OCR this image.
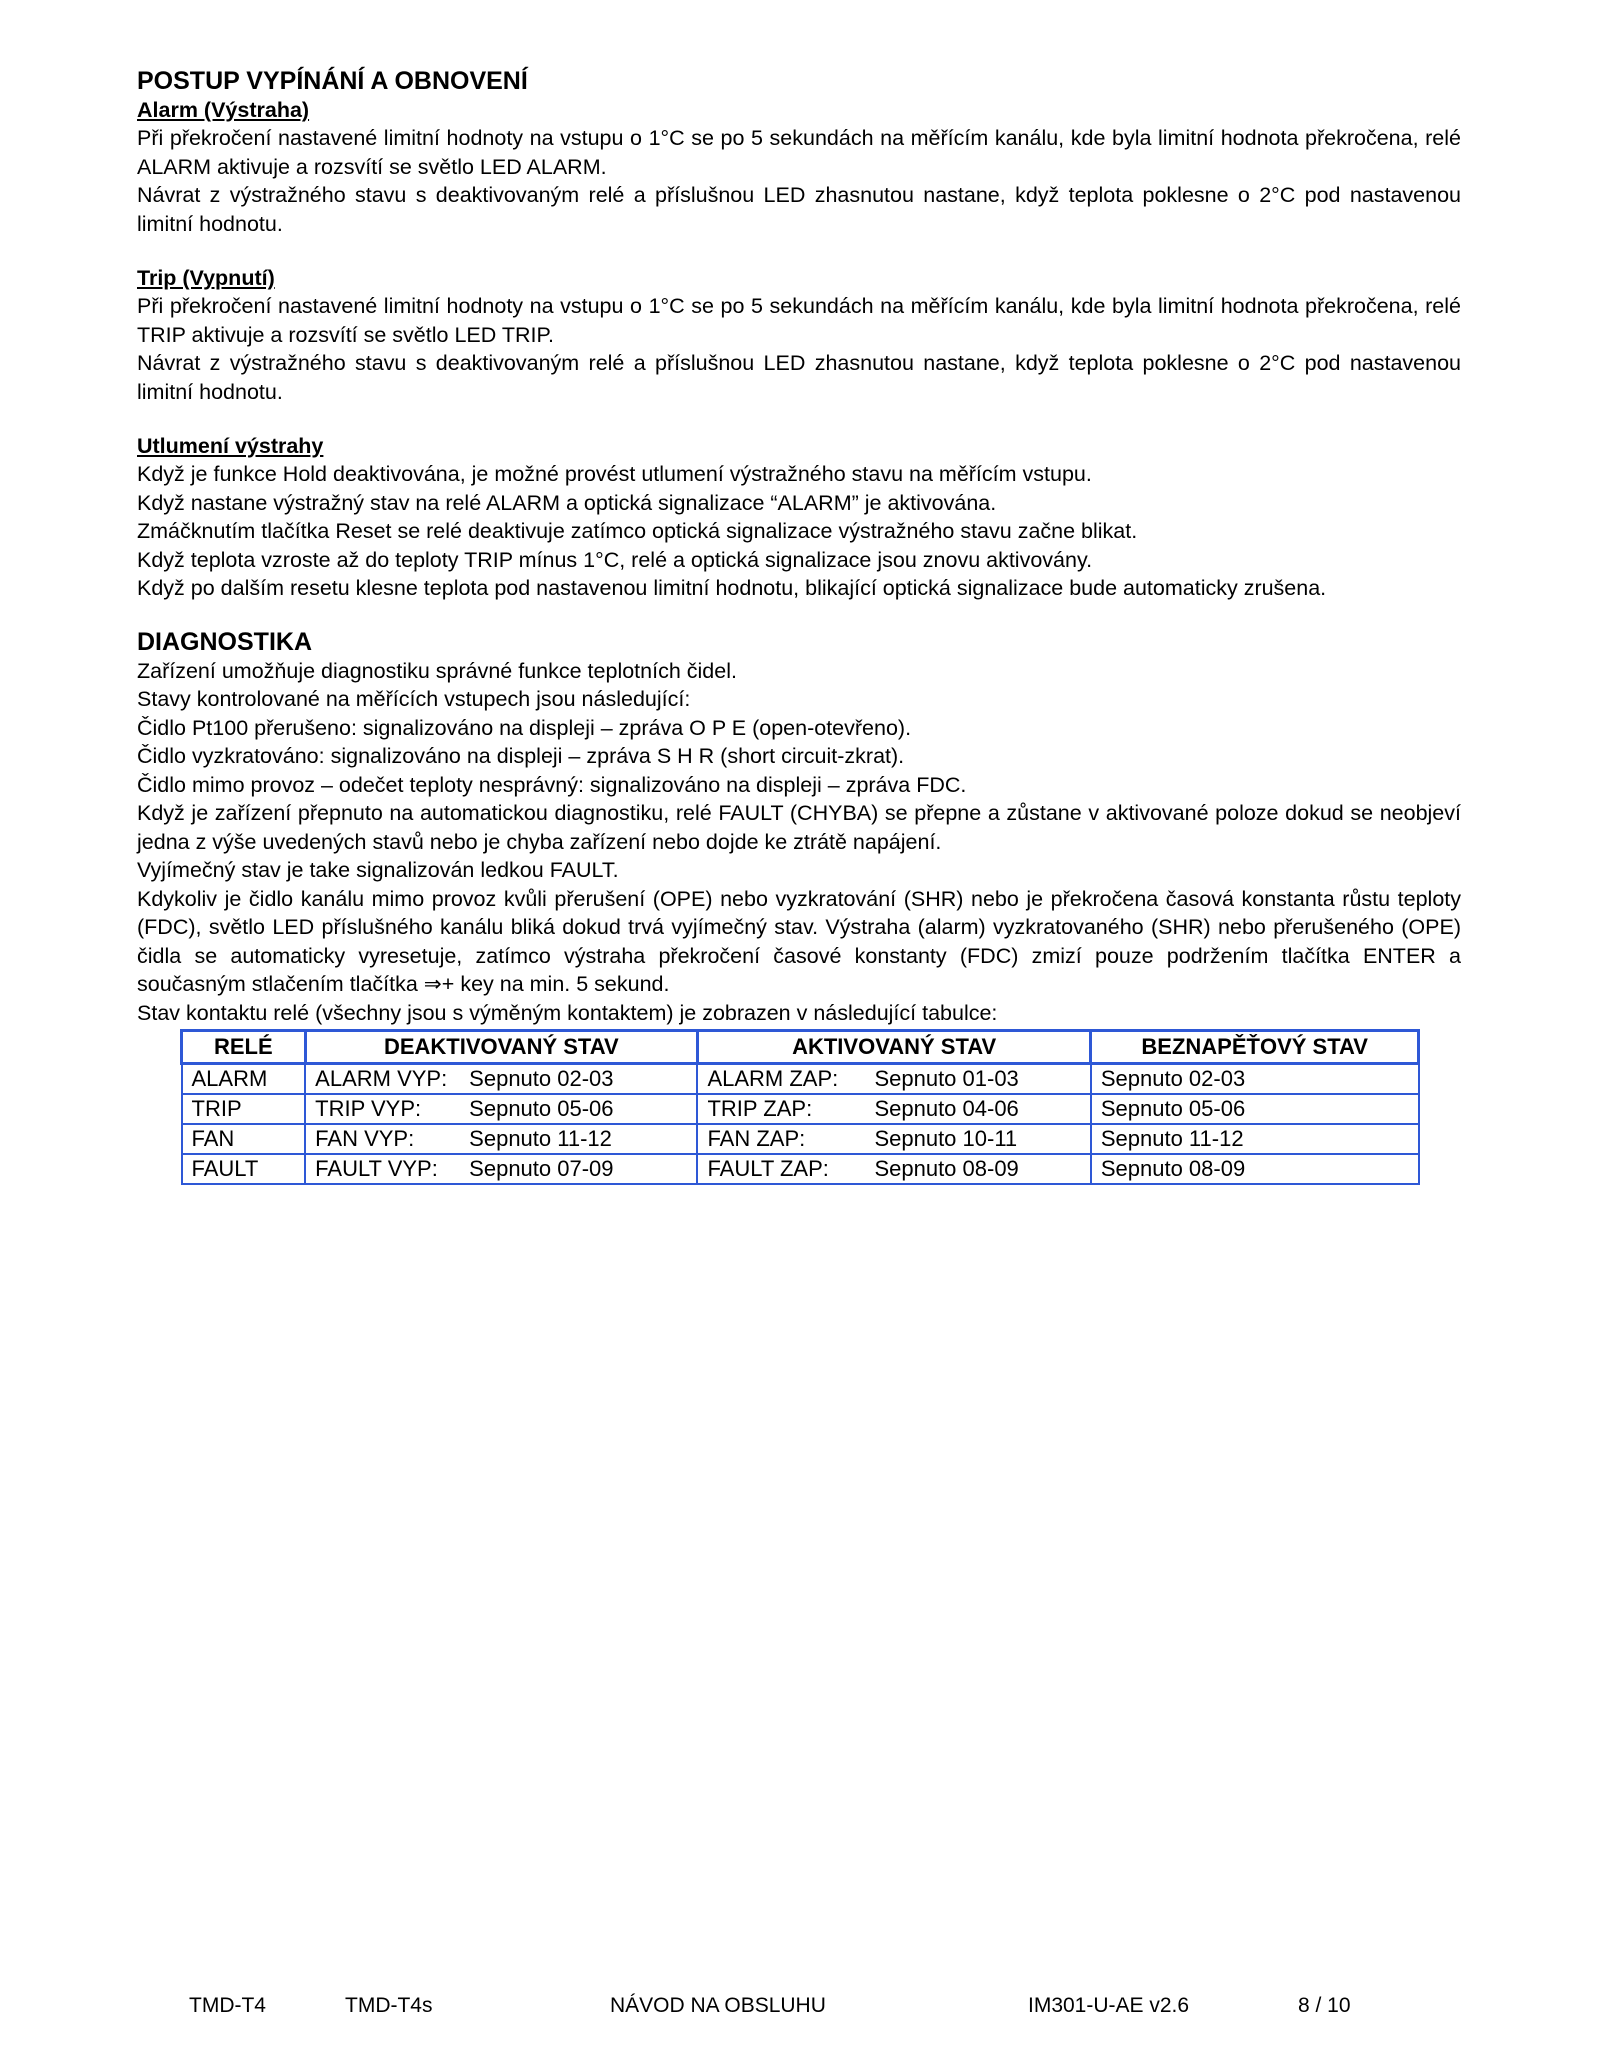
POSTUP VYPÍNÁNÍ A OBNOVENÍ
Alarm (Výstraha)

Při překročení nastavené limitní hodnoty na vstupu o 1°C se po 5 sekundách na měřícím kanálu, kde byla limitní hodnota překročena, relé ALARM aktivuje a rozsvítí se světlo LED ALARM.

Návrat z výstražného stavu s deaktivovaným relé a příslušnou LED zhasnutou nastane, když teplota poklesne o 2°C pod nastavenou limitní hodnotu.

Trip (Vypnutí)

Při překročení nastavené limitní hodnoty na vstupu o 1°C se po 5 sekundách na měřícím kanálu, kde byla limitní hodnota překročena, relé TRIP aktivuje a rozsvítí se světlo LED TRIP.

Návrat z výstražného stavu s deaktivovaným relé a příslušnou LED zhasnutou nastane, když teplota poklesne o 2°C pod nastavenou limitní hodnotu.

Utlumení výstrahy

Když je funkce Hold deaktivována, je možné provést utlumení výstražného stavu na měřícím vstupu.

Když nastane výstražný stav na relé ALARM a optická signalizace “ALARM” je aktivována.

Zmáčknutím tlačítka Reset se relé deaktivuje zatímco optická signalizace výstražného stavu začne blikat.

Když teplota vzroste až do teploty TRIP mínus 1°C, relé a optická signalizace jsou znovu aktivovány.

Když po dalším resetu klesne teplota pod nastavenou limitní hodnotu, blikající optická signalizace bude automaticky zrušena.

DIAGNOSTIKA

Zařízení umožňuje diagnostiku správné funkce teplotních čidel.

Stavy kontrolované na měřících vstupech jsou následující:

Čidlo Pt100 přerušeno: signalizováno na displeji – zpráva O P E (open-otevřeno).

Čidlo vyzkratováno: signalizováno na displeji – zpráva S H R (short circuit-zkrat).

Čidlo mimo provoz – odečet teploty nesprávný: signalizováno na displeji – zpráva FDC.

Když je zařízení přepnuto na automatickou diagnostiku, relé FAULT (CHYBA) se přepne a zůstane v aktivované poloze dokud se neobjeví jedna z výše uvedených stavů nebo je chyba zařízení nebo dojde ke ztrátě napájení.

Vyjímečný stav je take signalizován ledkou FAULT.

Kdykoliv je čidlo kanálu mimo provoz kvůli přerušení (OPE) nebo vyzkratování (SHR) nebo je překročena časová konstanta růstu teploty (FDC), světlo LED příslušného kanálu bliká dokud trvá vyjímečný stav. Výstraha (alarm) vyzkratovaného (SHR) nebo přerušeného (OPE) čidla se automaticky vyresetuje, zatímco výstraha překročení časové konstanty (FDC) zmizí pouze podržením tlačítka ENTER a současným stlačením tlačítka ⇒+ key na min. 5 sekund.

Stav kontaktu relé (všechny jsou s výměným kontaktem) je zobrazen v následující tabulce:

RELÉ	DEAKTIVOVANÝ STAV	AKTIVOVANÝ STAV	BEZNAPĚŤOVÝ STAV
ALARM	ALARM VYP: Sepnuto 02-03	ALARM ZAP: Sepnuto 01-03	Sepnuto 02-03
TRIP	TRIP VYP: Sepnuto 05-06	TRIP ZAP: Sepnuto 04-06	Sepnuto 05-06
FAN	FAN VYP: Sepnuto 11-12	FAN ZAP: Sepnuto 10-11	Sepnuto 11-12
FAULT	FAULT VYP: Sepnuto 07-09	FAULT ZAP: Sepnuto 08-09	Sepnuto 08-09
TMD-T4	TMD-T4s	NÁVOD NA OBSLUHU	IM301-U-AE v2.6	8 / 10
